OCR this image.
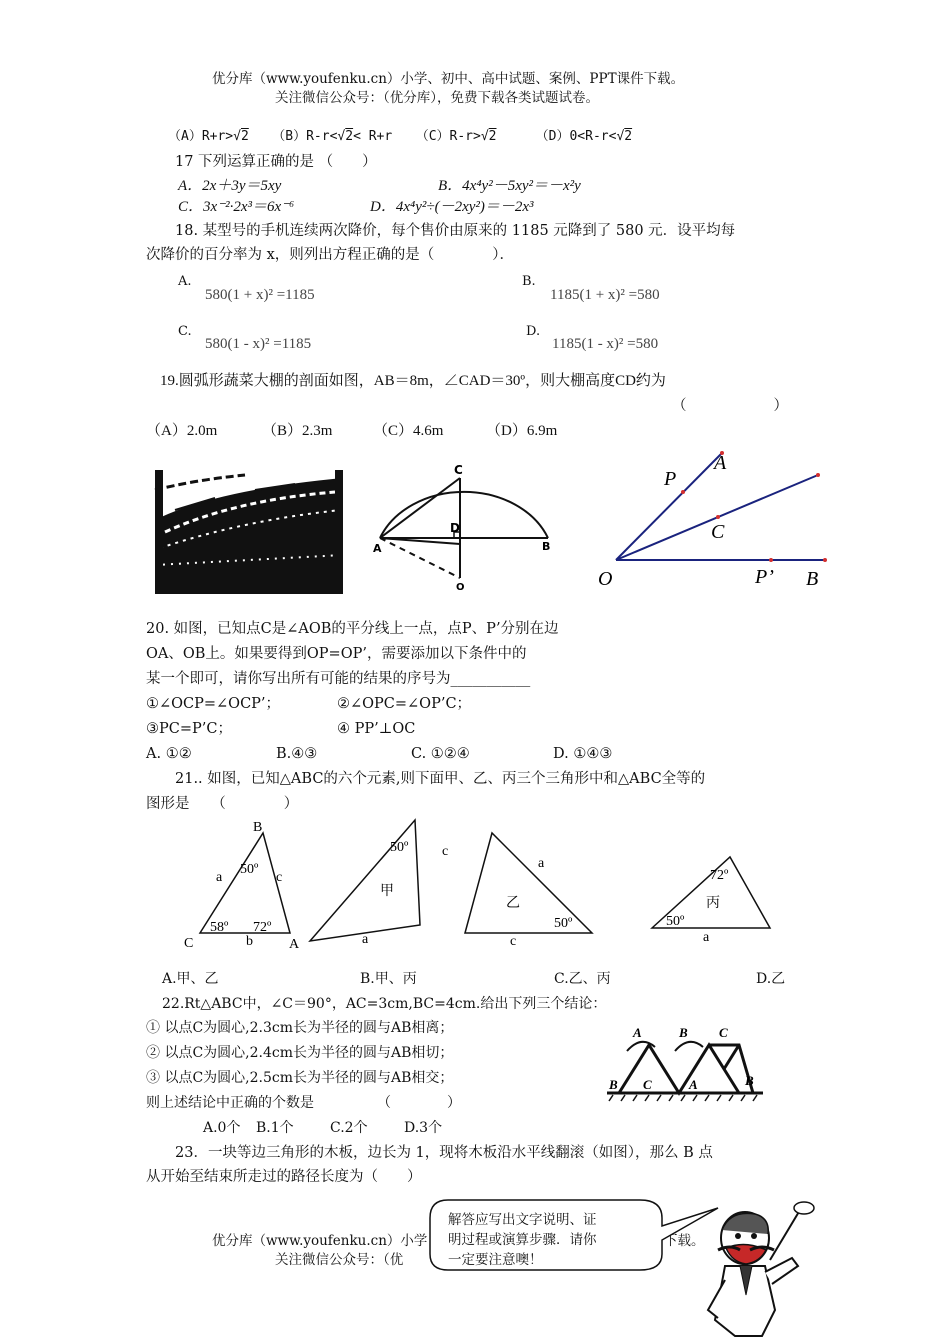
优分库（www.youfenku.cn）小学、初中、高中试题、案例、PPT课件下载。
关注微信公众号：（优分库），免费下载各类试题试卷。
（A）R+r>√2 （B）R-r<√2< R+r （C）R-r>√2	（D）0<R-r<√2
17 下列运算正确的是 （　　）
A．2x＋3y＝5xy	B．4x⁴y²－5xy²＝－x²y
C．3x⁻²·2x³＝6x⁻⁶	D．4x⁴y²÷(－2xy²)＝－2x³
18. 某型号的手机连续两次降价，每个售价由原来的 1185 元降到了 580 元．设平均每
次降价的百分率为 x，则列出方程正确的是（　　　　）．
A.
580(1 + x)² =1185
B.
1185(1 + x)² =580
C.
580(1 - x)² =1185
D.
1185(1 - x)² =580
19.圆弧形蔬菜大棚的剖面如图，AB＝8m，∠CAD＝30º，则大棚高度CD约为
（　　　　　　）
（A）2.0m	（B）2.3m	（C）4.6m	（D）6.9m
C
D
A	B
O
P
A
C
O	P’ B
20. 如图，已知点C是∠AOB的平分线上一点，点P、P’分别在边
OA、OB上。如果要得到OP=OP’，需要添加以下条件中的
某一个即可，请你写出所有可能的结果的序号为___________
①∠OCP=∠OCP’；	②∠OPC=∠OP’C；
③PC=P’C；	④ PP’⊥OC
A. ①②	B.④③	C. ①②④	D. ①④③
21.. 如图，已知△ABC的六个元素,则下面甲、乙、丙三个三角形中和△ABC全等的
图形是　　（　　　　）
B
a	c
50º
C
58º 72º
b	A
50º
甲
c
a
a
乙
50º
c
72º
丙
50º
a
A.甲、乙	B.甲、丙	C.乙、丙	D.乙
22.Rt△ABC中，∠C＝90°，AC=3cm,BC=4cm.给出下列三个结论：
① 以点C为圆心,2.3cm长为半径的圆与AB相离；
② 以点C为圆心,2.4cm长为半径的圆与AB相切；
③ 以点C为圆心,2.5cm长为半径的圆与AB相交；
则上述结论中正确的个数是　　　　　（　　　　）
A.0个 B.1个	C.2个	D.3个
A	B C
B C	A	B
23．一块等边三角形的木板，边长为 1，现将木板沿水平线翻滚（如图），那么 B 点
从开始至结束所走过的路径长度为（　　）
优分库（www.youfenku.cn）小学	下载。
关注微信公众号：（优
解答应写出文字说明、证
明过程或演算步骤．请你
一定要注意噢！
